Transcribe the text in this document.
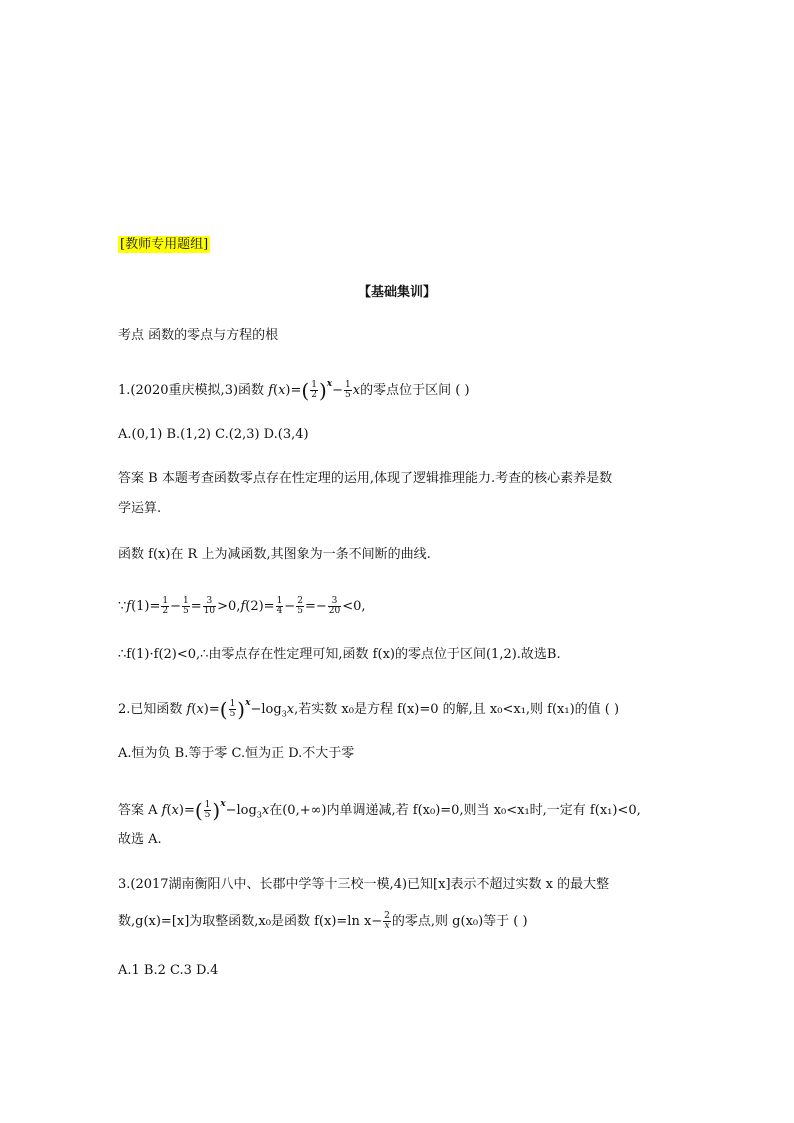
[教师专用题组]
【基础集训】
考点 函数的零点与方程的根
1.(2020重庆模拟,3)函数 $f(x)=( \frac{1}{2} )^x- \frac{1}{5}$ x的零点位于区间 ( )
A.(0,1) B.(1,2) C.(2,3) D.(3,4)
答案 B 本题考查函数零点存在性定理的运用,体现了逻辑推理能力.考查的核心素养是数
学运算.
函数 f(x)在 R 上为减函数,其图象为一条不间断的曲线.
∵f(1)= $\frac{1}{2} - \frac{1}{5} = \frac{3}{10} >0,f(2)= \frac{1}{4} - \frac{2}{5} =- \frac{3}{20} <0$,
∴f(1)·f(2)<0,∴由零点存在性定理可知,函数 f(x)的零点位于区间(1,2).故选B.
2.已知函数 $f(x)=( \frac{1}{5} )^x-\log_3x$,若实数 x₀是方程 f(x)=0 的解,且 x₀<x₁,则 f(x₁)的值 ( )
A.恒为负 B.等于零 C.恒为正 D.不大于零
答案 A $f(x)=( \frac{1}{5} )^x-\log_3x$在(0,+∞)内单调递减,若 f(x₀)=0,则当 x₀<x₁时,一定有 f(x₁)<0,
故选 A.
3.(2017湖南衡阳八中、长郡中学等十三校一模,4)已知[x]表示不超过实数 x 的最大整
数,g(x)=[x]为取整函数,x₀是函数 f(x)=ln $x- \frac{2}{x}$ 的零点,则 g(x₀)等于 ( )
A.1 B.2 C.3 D.4
